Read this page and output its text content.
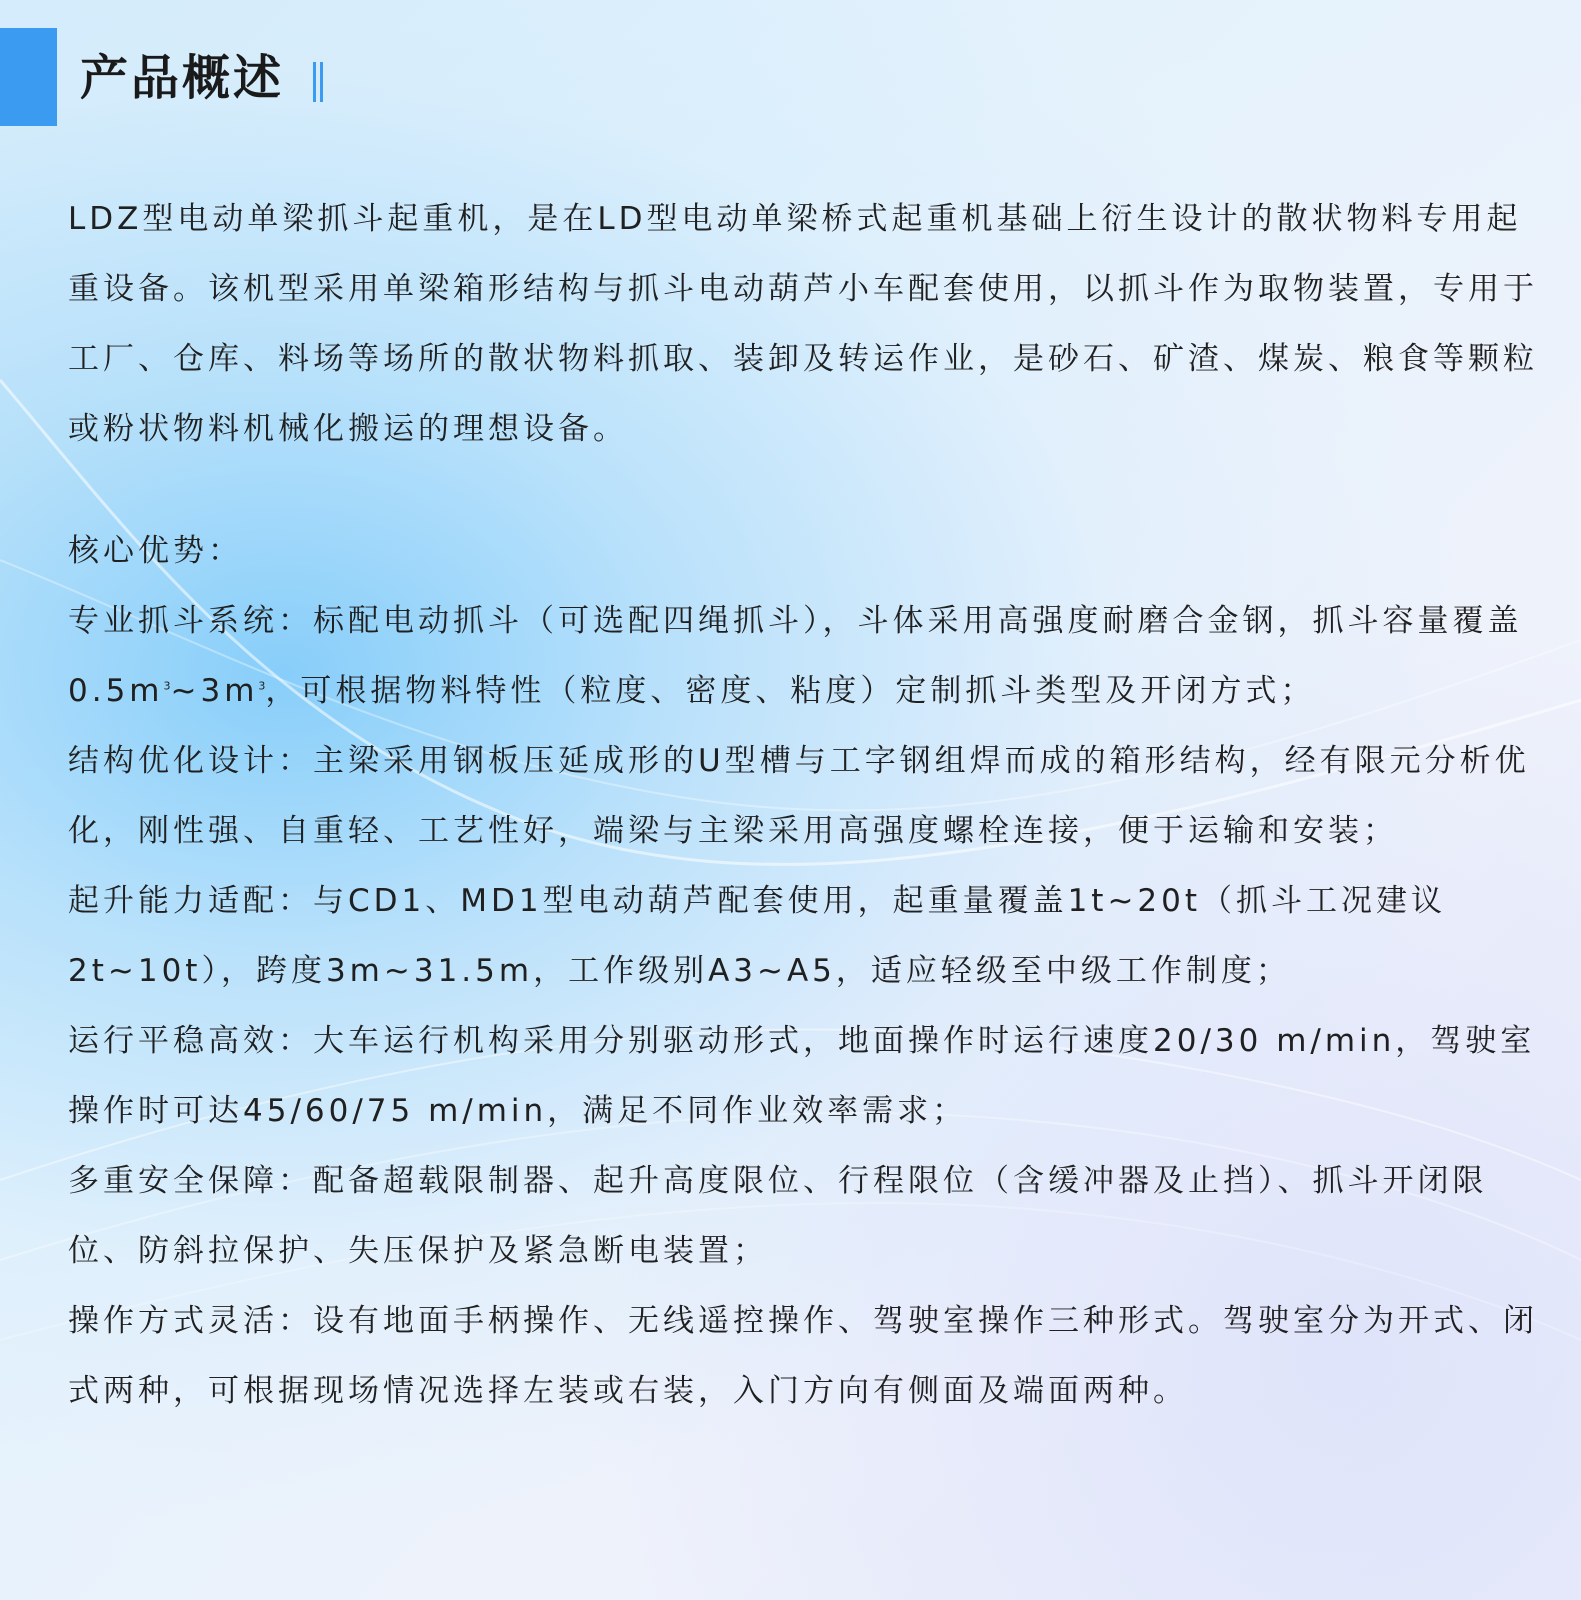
产品概述

LDZ型电动单梁抓斗起重机，是在LD型电动单梁桥式起重机基础上衍生设计的散状物料专用起重设备。该机型采用单梁箱形结构与抓斗电动葫芦小车配套使用，以抓斗作为取物装置，专用于工厂、仓库、料场等场所的散状物料抓取、装卸及转运作业，是砂石、矿渣、煤炭、粮食等颗粒或粉状物料机械化搬运的理想设备。

核心优势：

专业抓斗系统：标配电动抓斗（可选配四绳抓斗），斗体采用高强度耐磨合金钢，抓斗容量覆盖$0.5m^3\sim 3m^3$，可根据物料特性（粒度、密度、粘度）定制抓斗类型及开闭方式；

结构优化设计：主梁采用钢板压延成形的U型槽与工字钢组焊而成的箱形结构，经有限元分析优化，刚性强、自重轻、工艺性好，端梁与主梁采用高强度螺栓连接，便于运输和安装；

起升能力适配：与CD1、MD1型电动葫芦配套使用，起重量覆盖1t~20t（抓斗工况建议2t~10t），跨度3m~31.5m，工作级别A3~A5，适应轻级至中级工作制度；

运行平稳高效：大车运行机构采用分别驱动形式，地面操作时运行速度20/30 m/min，驾驶室操作时可达45/60/75 m/min，满足不同作业效率需求；

多重安全保障：配备超载限制器、起升高度限位、行程限位（含缓冲器及止挡）、抓斗开闭限位、防斜拉保护、失压保护及紧急断电装置；

操作方式灵活：设有地面手柄操作、无线遥控操作、驾驶室操作三种形式。驾驶室分为开式、闭式两种，可根据现场情况选择左装或右装，入门方向有侧面及端面两种。
